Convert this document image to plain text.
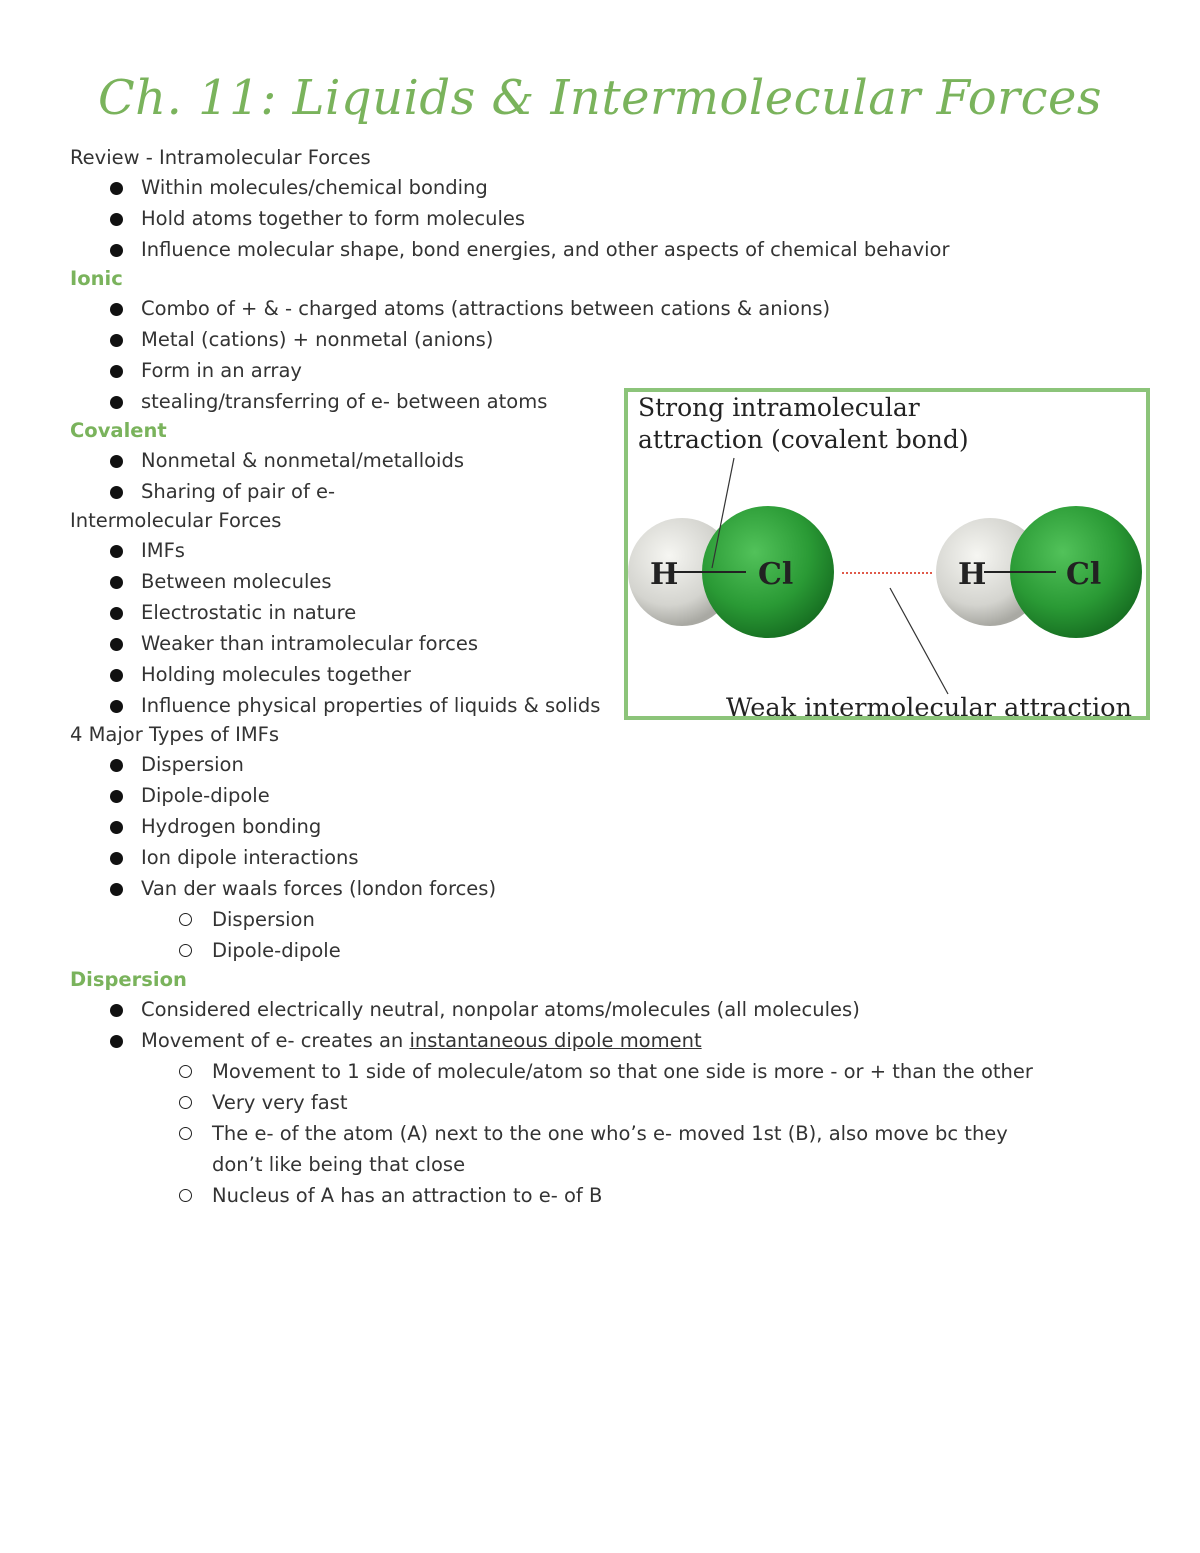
Ch. 11: Liquids & Intermolecular Forces
Review - Intramolecular Forces
Within molecules/chemical bonding
Hold atoms together to form molecules
Influence molecular shape, bond energies, and other aspects of chemical behavior
Ionic
Combo of + & - charged atoms (attractions between cations & anions)
Metal (cations) + nonmetal (anions)
Form in an array
stealing/transferring of e- between atoms
Covalent
Nonmetal & nonmetal/metalloids
Sharing of pair of e-
Intermolecular Forces
IMFs
Between molecules
Electrostatic in nature
Weaker than intramolecular forces
Holding molecules together
Influence physical properties of liquids & solids
4 Major Types of IMFs
Dispersion
Dipole-dipole
Hydrogen bonding
Ion dipole interactions
Van der waals forces (london forces)
Dispersion
Dipole-dipole
Dispersion
Considered electrically neutral, nonpolar atoms/molecules (all molecules)
Movement of e- creates an instantaneous dipole moment
Movement to 1 side of molecule/atom so that one side is more - or + than the other
Very very fast
The e- of the atom (A) next to the one who’s e- moved 1st (B), also move bc they don’t like being that close
Nucleus of A has an attraction to e- of B
Strong intramolecular
attraction (covalent bond)
H	Cl	H	Cl
Weak intermolecular attraction
